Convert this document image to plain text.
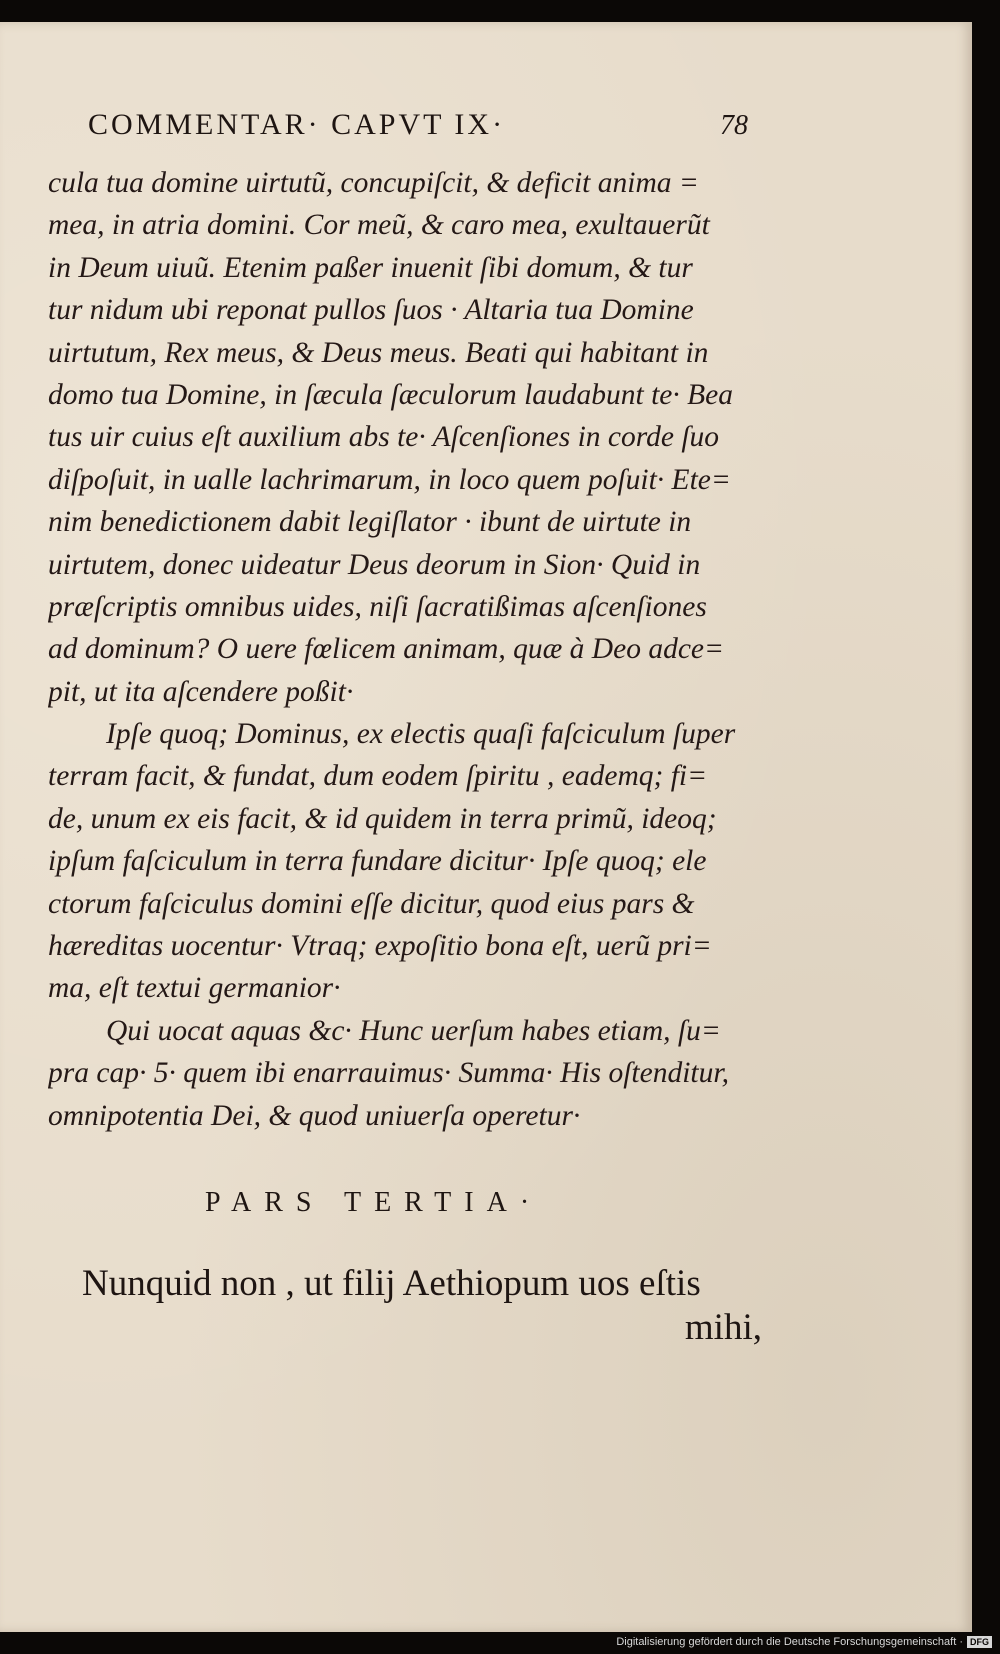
COMMENTAR· CAPVT IX·	78
cula tua domine uirtutũ, concupiſcit, & deficit anima =
mea, in atria domini. Cor meũ, & caro mea, exultauerũt
in Deum uiuũ. Etenim paßer inuenit ſibi domum, & tur
tur nidum ubi reponat pullos ſuos · Altaria tua Domine
uirtutum, Rex meus, & Deus meus. Beati qui habitant in
domo tua Domine, in ſæcula ſæculorum laudabunt te· Bea
tus uir cuius eſt auxilium abs te· Aſcenſiones in corde ſuo
diſpoſuit, in ualle lachrimarum, in loco quem poſuit· Ete=
nim benedictionem dabit legiſlator · ibunt de uirtute in
uirtutem, donec uideatur Deus deorum in Sion· Quid in
præſcriptis omnibus uides, niſi ſacratißimas aſcenſiones
ad dominum? O uere fœlicem animam, quæ à Deo adce=
pit, ut ita aſcendere poßit·
Ipſe quoq; Dominus, ex electis quaſi faſciculum ſuper
terram facit, & fundat, dum eodem ſpiritu , eademq; fi=
de, unum ex eis facit, & id quidem in terra primũ, ideoq;
ipſum faſciculum in terra fundare dicitur· Ipſe quoq; ele
ctorum faſciculus domini eſſe dicitur, quod eius pars &
hæreditas uocentur· Vtraq; expoſitio bona eſt, uerũ pri=
ma, eſt textui germanior·
Qui uocat aquas &c· Hunc uerſum habes etiam, ſu=
pra cap· 5· quem ibi enarrauimus· Summa· His oſtenditur,
omnipotentia Dei, & quod uniuerſa operetur·
PARS TERTIA·
Nunquid non , ut filij Aethiopum uos eſtis
mihi,
Digitalisierung gefördert durch die Deutsche Forschungsgemeinschaft · DFG
